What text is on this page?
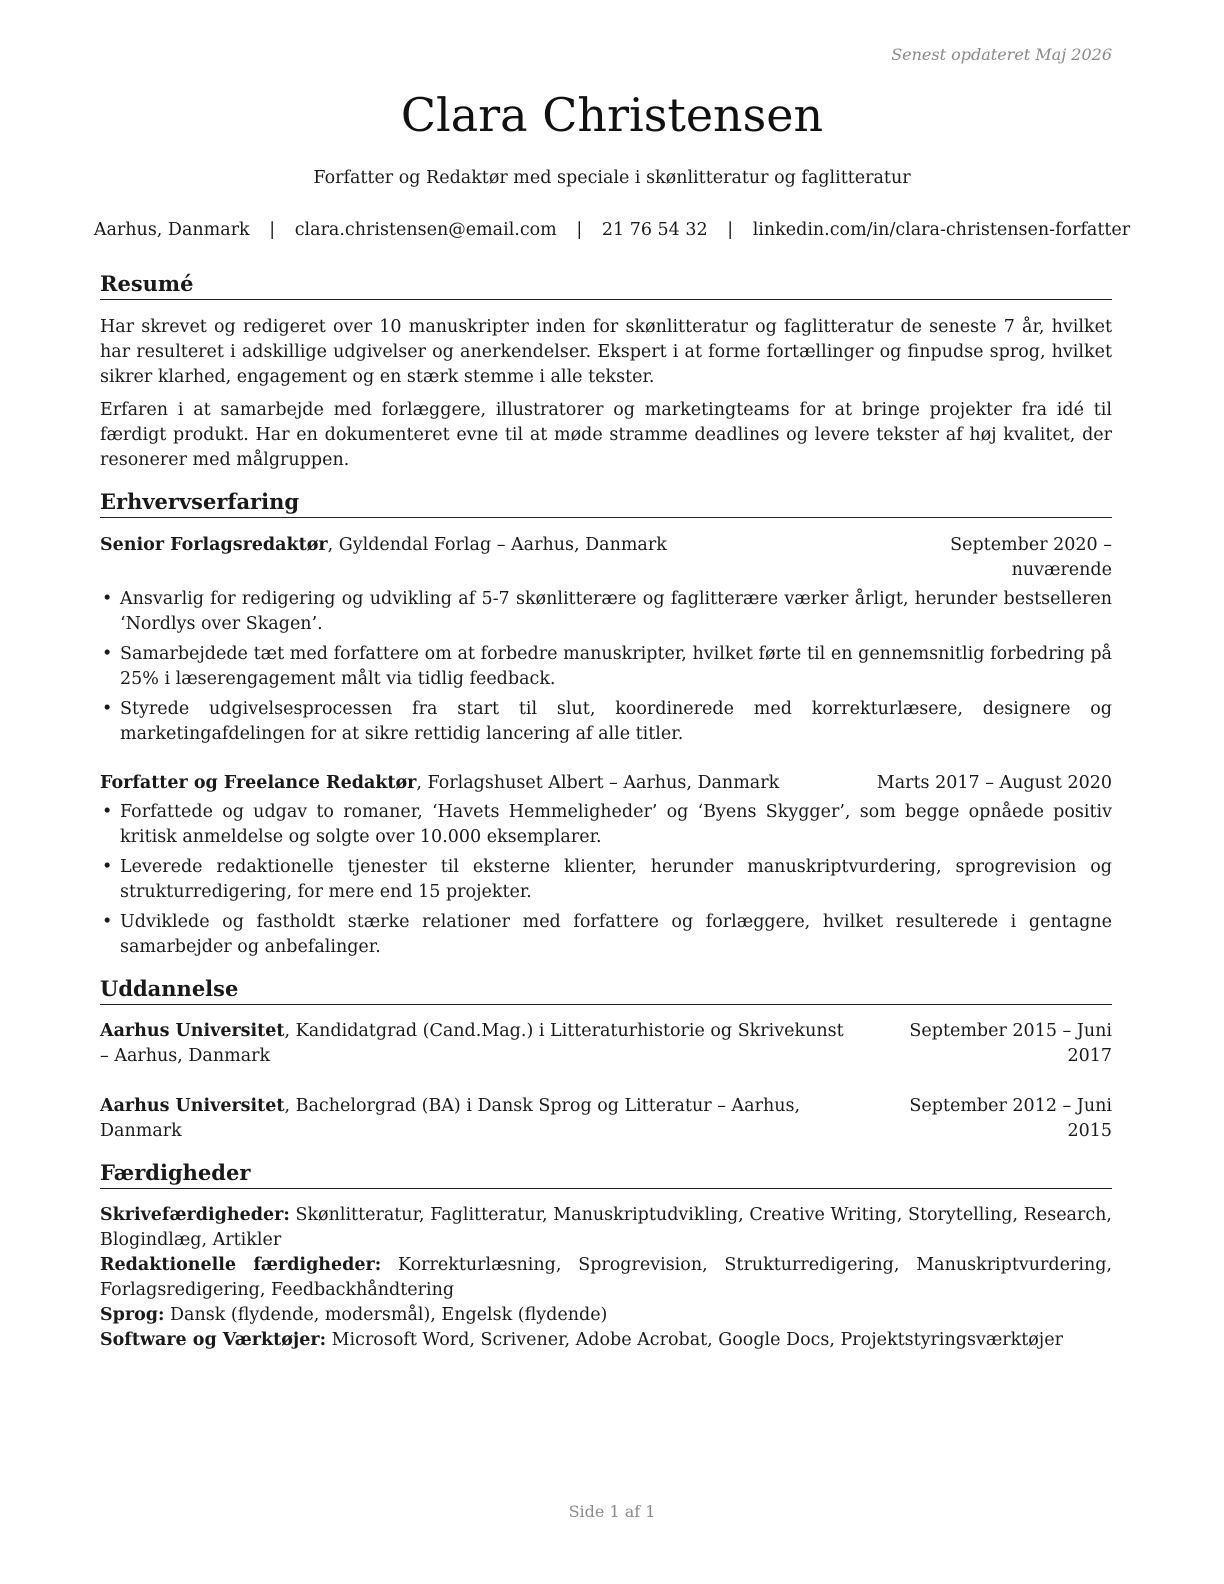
Senest opdateret Maj 2026
Clara Christensen
Forfatter og Redaktør med speciale i skønlitteratur og faglitteratur
Aarhus, Danmark | clara.christensen@email.com | 21 76 54 32 | linkedin.com/in/clara-christensen-forfatter
Resumé

Har skrevet og redigeret over 10 manuskripter inden for skønlitteratur og faglitteratur de seneste 7 år, hvilket har resulteret i adskillige udgivelser og anerkendelser. Ekspert i at forme fortællinger og finpudse sprog, hvilket sikrer klarhed, engagement og en stærk stemme i alle tekster.

Erfaren i at samarbejde med forlæggere, illustratorer og marketingteams for at bringe projekter fra idé til færdigt produkt. Har en dokumenteret evne til at møde stramme deadlines og levere tekster af høj kvalitet, der resonerer med målgruppen.

Erhvervserfaring
Senior Forlagsredaktør, Gyldendal Forlag – Aarhus, Danmark	September 2020 – nuværende
• Ansvarlig for redigering og udvikling af 5-7 skønlitterære og faglitterære værker årligt, herunder bestselleren ‘Nordlys over Skagen’.
• Samarbejdede tæt med forfattere om at forbedre manuskripter, hvilket førte til en gennemsnitlig forbedring på 25% i læserengagement målt via tidlig feedback.
• Styrede udgivelsesprocessen fra start til slut, koordinerede med korrekturlæsere, designere og marketingafdelingen for at sikre rettidig lancering af alle titler.
Forfatter og Freelance Redaktør, Forlagshuset Albert – Aarhus, Danmark	Marts 2017 – August 2020
• Forfattede og udgav to romaner, ‘Havets Hemmeligheder’ og ‘Byens Skygger’, som begge opnåede positiv kritisk anmeldelse og solgte over 10.000 eksemplarer.
• Leverede redaktionelle tjenester til eksterne klienter, herunder manuskriptvurdering, sprogrevision og strukturredigering, for mere end 15 projekter.
• Udviklede og fastholdt stærke relationer med forfattere og forlæggere, hvilket resulterede i gentagne samarbejder og anbefalinger.
Uddannelse
Aarhus Universitet, Kandidatgrad (Cand.Mag.) i Litteraturhistorie og Skrivekunst – Aarhus, Danmark
September 2015 – Juni 2017
Aarhus Universitet, Bachelorgrad (BA) i Dansk Sprog og Litteratur – Aarhus, Danmark
September 2012 – Juni 2015
Færdigheder

Skrivefærdigheder: Skønlitteratur, Faglitteratur, Manuskriptudvikling, Creative Writing, Storytelling, Research, Blogindlæg, Artikler

Redaktionelle færdigheder: Korrekturlæsning, Sprogrevision, Strukturredigering, Manuskriptvurdering, Forlagsredigering, Feedbackhåndtering

Sprog: Dansk (flydende, modersmål), Engelsk (flydende)

Software og Værktøjer: Microsoft Word, Scrivener, Adobe Acrobat, Google Docs, Projektstyringsværktøjer

Side 1 af 1
